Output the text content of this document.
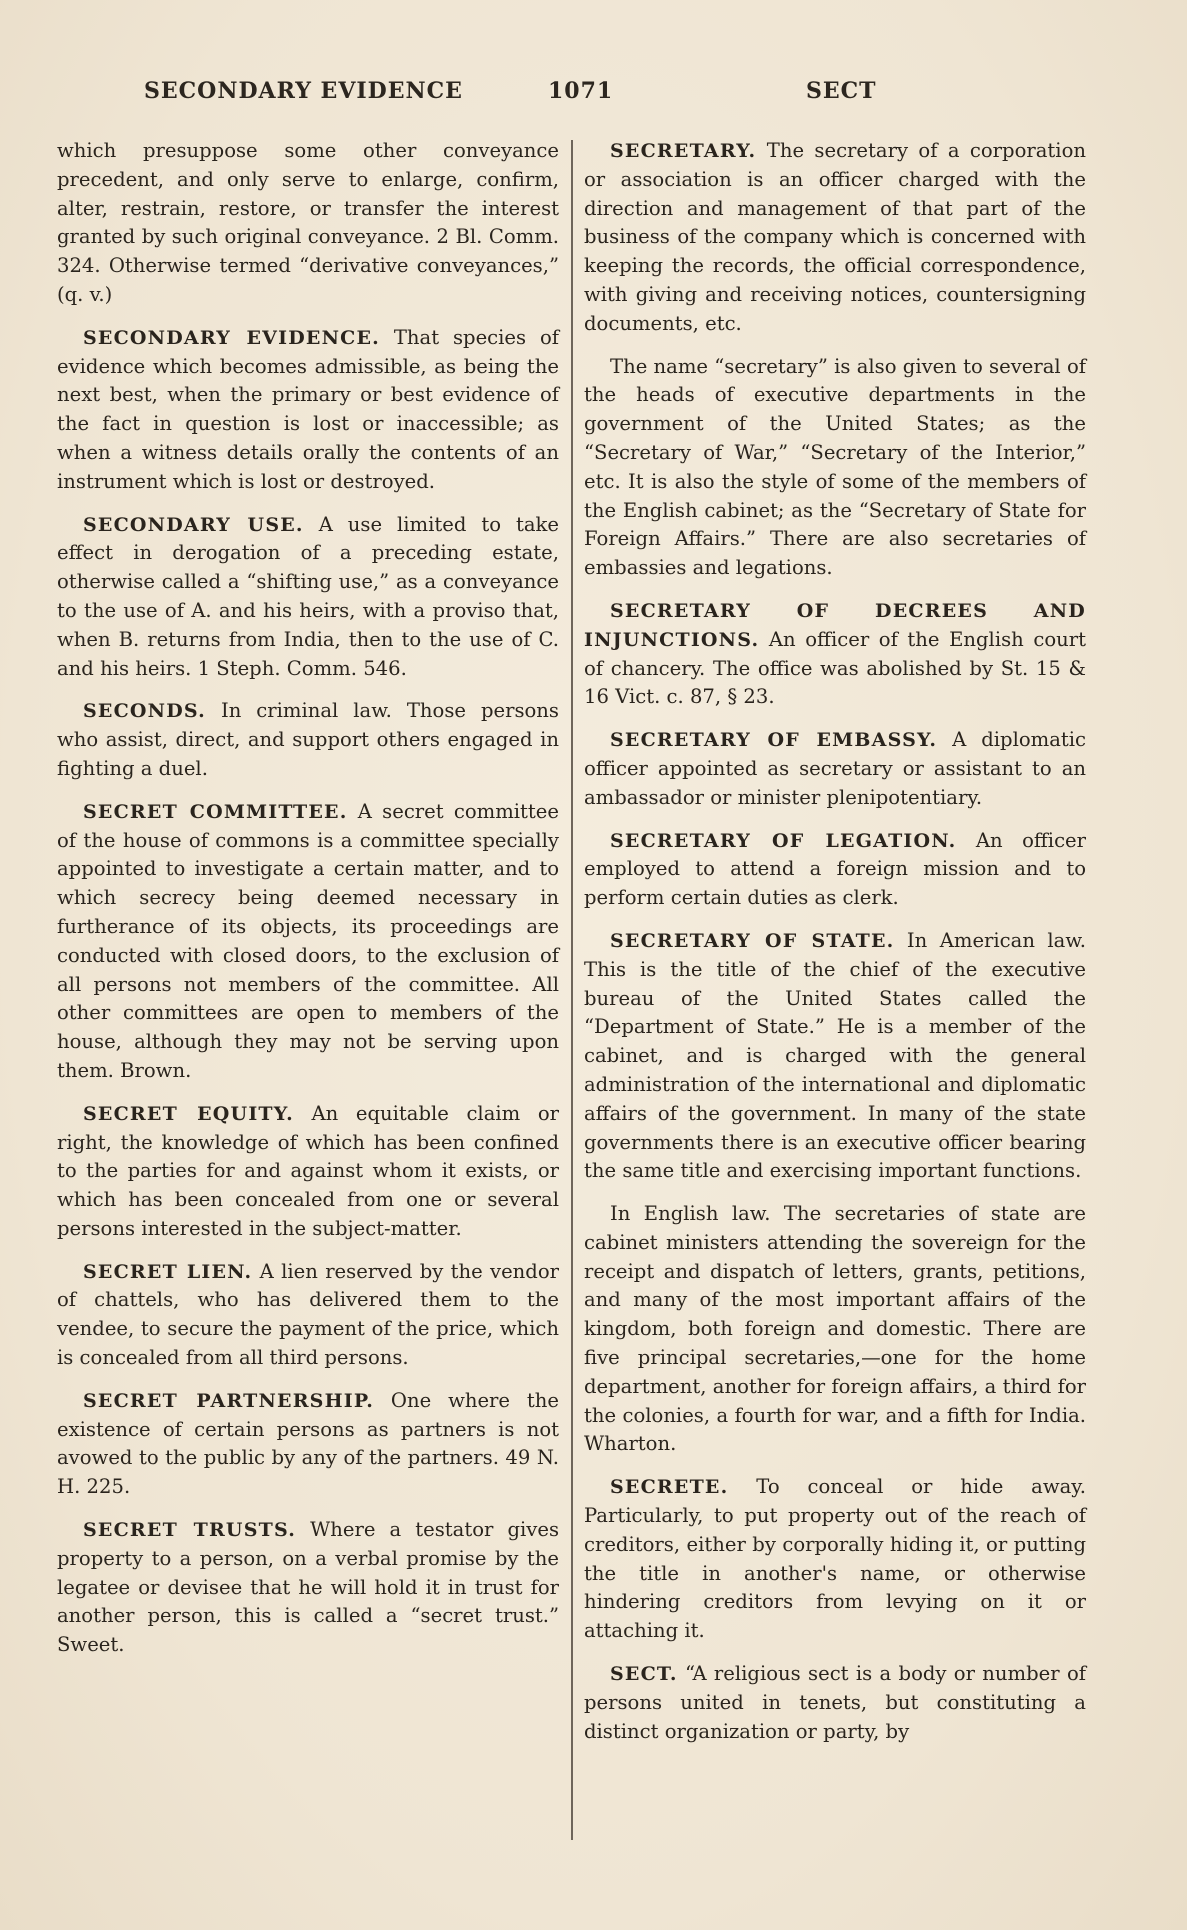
SECONDARY EVIDENCE	1071	SECT

which presuppose some other conveyance precedent, and only serve to enlarge, confirm, alter, restrain, restore, or transfer the interest granted by such original conveyance. 2 Bl. Comm. 324. Otherwise termed “derivative conveyances,” (q. v.)

SECONDARY EVIDENCE. That species of evidence which becomes admissible, as being the next best, when the primary or best evidence of the fact in question is lost or inaccessible; as when a witness details orally the contents of an instrument which is lost or destroyed.

SECONDARY USE. A use limited to take effect in derogation of a preceding estate, otherwise called a “shifting use,” as a conveyance to the use of A. and his heirs, with a proviso that, when B. returns from India, then to the use of C. and his heirs. 1 Steph. Comm. 546.

SECONDS. In criminal law. Those persons who assist, direct, and support others engaged in fighting a duel.

SECRET COMMITTEE. A secret committee of the house of commons is a committee specially appointed to investigate a certain matter, and to which secrecy being deemed necessary in furtherance of its objects, its proceedings are conducted with closed doors, to the exclusion of all persons not members of the committee. All other committees are open to members of the house, although they may not be serving upon them. Brown.

SECRET EQUITY. An equitable claim or right, the knowledge of which has been confined to the parties for and against whom it exists, or which has been concealed from one or several persons interested in the subject-matter.

SECRET LIEN. A lien reserved by the vendor of chattels, who has delivered them to the vendee, to secure the payment of the price, which is concealed from all third persons.

SECRET PARTNERSHIP. One where the existence of certain persons as partners is not avowed to the public by any of the partners. 49 N. H. 225.

SECRET TRUSTS. Where a testator gives property to a person, on a verbal promise by the legatee or devisee that he will hold it in trust for another person, this is called a “secret trust.” Sweet.

SECRETARY. The secretary of a corporation or association is an officer charged with the direction and management of that part of the business of the company which is concerned with keeping the records, the official correspondence, with giving and receiving notices, countersigning documents, etc.

The name “secretary” is also given to several of the heads of executive departments in the government of the United States; as the “Secretary of War,” “Secretary of the Interior,” etc. It is also the style of some of the members of the English cabinet; as the “Secretary of State for Foreign Affairs.” There are also secretaries of embassies and legations.

SECRETARY OF DECREES AND INJUNCTIONS. An officer of the English court of chancery. The office was abolished by St. 15 & 16 Vict. c. 87, § 23.

SECRETARY OF EMBASSY. A diplomatic officer appointed as secretary or assistant to an ambassador or minister plenipotentiary.

SECRETARY OF LEGATION. An officer employed to attend a foreign mission and to perform certain duties as clerk.

SECRETARY OF STATE. In American law. This is the title of the chief of the executive bureau of the United States called the “Department of State.” He is a member of the cabinet, and is charged with the general administration of the international and diplomatic affairs of the government. In many of the state governments there is an executive officer bearing the same title and exercising important functions.

In English law. The secretaries of state are cabinet ministers attending the sovereign for the receipt and dispatch of letters, grants, petitions, and many of the most important affairs of the kingdom, both foreign and domestic. There are five principal secretaries,—one for the home department, another for foreign affairs, a third for the colonies, a fourth for war, and a fifth for India. Wharton.

SECRETE. To conceal or hide away. Particularly, to put property out of the reach of creditors, either by corporally hiding it, or putting the title in another's name, or otherwise hindering creditors from levying on it or attaching it.

SECT. “A religious sect is a body or number of persons united in tenets, but constituting a distinct organization or party, by
